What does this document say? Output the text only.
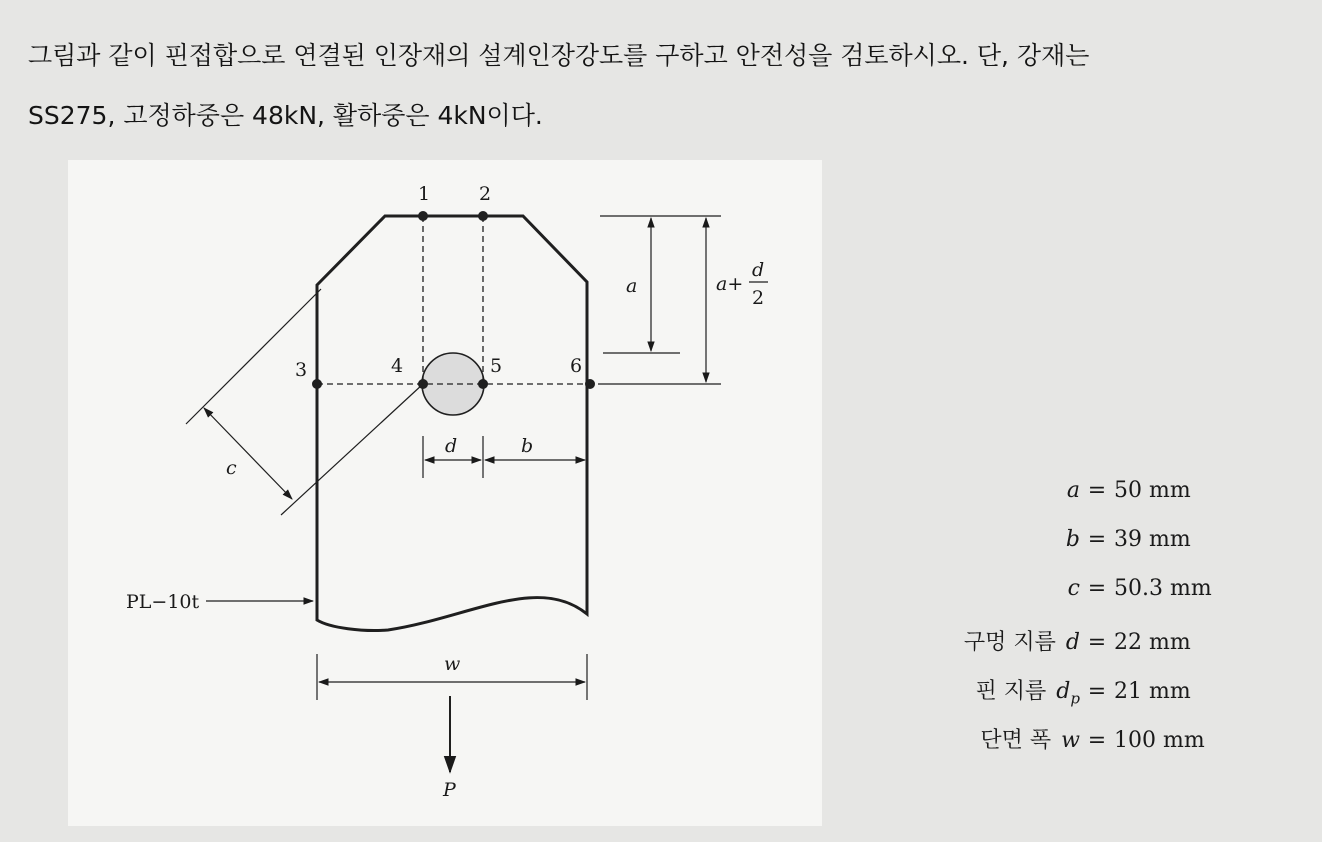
그림과 같이 핀접합으로 연결된 인장재의 설계인장강도를 구하고 안전성을 검토하시오. 단, 강재는
SS275, 고정하중은 48kN, 활하중은 4kN이다.
1	2
3	4	5	6
a	a+
d
2
c
d	b
PL−10t
w
P
a = 50 mm
b = 39 mm
c = 50.3 mm
구멍 지름 d = 22 mm
핀 지름 $d_p = 21$ mm
단면 폭 w = 100 mm
